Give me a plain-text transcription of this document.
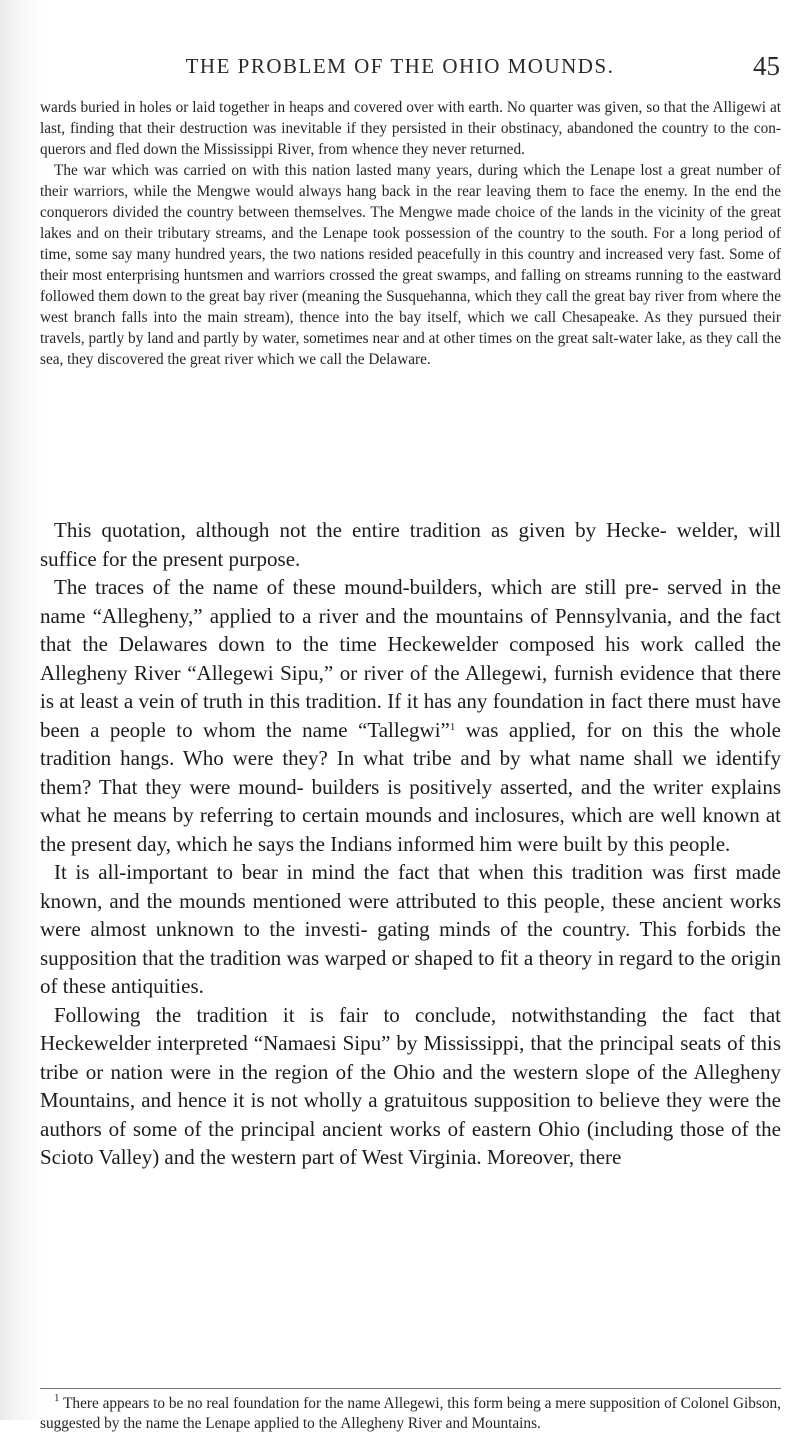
THE PROBLEM OF THE OHIO MOUNDS.	45

wards buried in holes or laid together in heaps and covered over with earth. No quarter was given, so that the Alligewi at last, finding that their destruction was inevitable if they persisted in their obstinacy, abandoned the country to the con- querors and fled down the Mississippi River, from whence they never returned.

The war which was carried on with this nation lasted many years, during which the Lenape lost a great number of their warriors, while the Mengwe would always hang back in the rear leaving them to face the enemy. In the end the conquerors divided the country between themselves. The Mengwe made choice of the lands in the vicinity of the great lakes and on their tributary streams, and the Lenape took possession of the country to the south. For a long period of time, some say many hundred years, the two nations resided peacefully in this country and increased very fast. Some of their most enterprising huntsmen and warriors crossed the great swamps, and falling on streams running to the eastward followed them down to the great bay river (meaning the Susquehanna, which they call the great bay river from where the west branch falls into the main stream), thence into the bay itself, which we call Chesapeake. As they pursued their travels, partly by land and partly by water, sometimes near and at other times on the great salt-water lake, as they call the sea, they discovered the great river which we call the Delaware.

This quotation, although not the entire tradition as given by Hecke- welder, will suffice for the present purpose.

The traces of the name of these mound-builders, which are still pre- served in the name “Allegheny,” applied to a river and the mountains of Pennsylvania, and the fact that the Delawares down to the time Heckewelder composed his work called the Allegheny River “Allegewi Sipu,” or river of the Allegewi, furnish evidence that there is at least a vein of truth in this tradition. If it has any foundation in fact there must have been a people to whom the name “Tallegwi”$^1$ was applied, for on this the whole tradition hangs. Who were they? In what tribe and by what name shall we identify them? That they were mound- builders is positively asserted, and the writer explains what he means by referring to certain mounds and inclosures, which are well known at the present day, which he says the Indians informed him were built by this people.

It is all-important to bear in mind the fact that when this tradition was first made known, and the mounds mentioned were attributed to this people, these ancient works were almost unknown to the investi- gating minds of the country. This forbids the supposition that the tradition was warped or shaped to fit a theory in regard to the origin of these antiquities.

Following the tradition it is fair to conclude, notwithstanding the fact that Heckewelder interpreted “Namaesi Sipu” by Mississippi, that the principal seats of this tribe or nation were in the region of the Ohio and the western slope of the Allegheny Mountains, and hence it is not wholly a gratuitous supposition to believe they were the authors of some of the principal ancient works of eastern Ohio (including those of the Scioto Valley) and the western part of West Virginia. Moreover, there

$^1$ There appears to be no real foundation for the name Allegewi, this form being a mere supposition of Colonel Gibson, suggested by the name the Lenape applied to the Allegheny River and Mountains.
